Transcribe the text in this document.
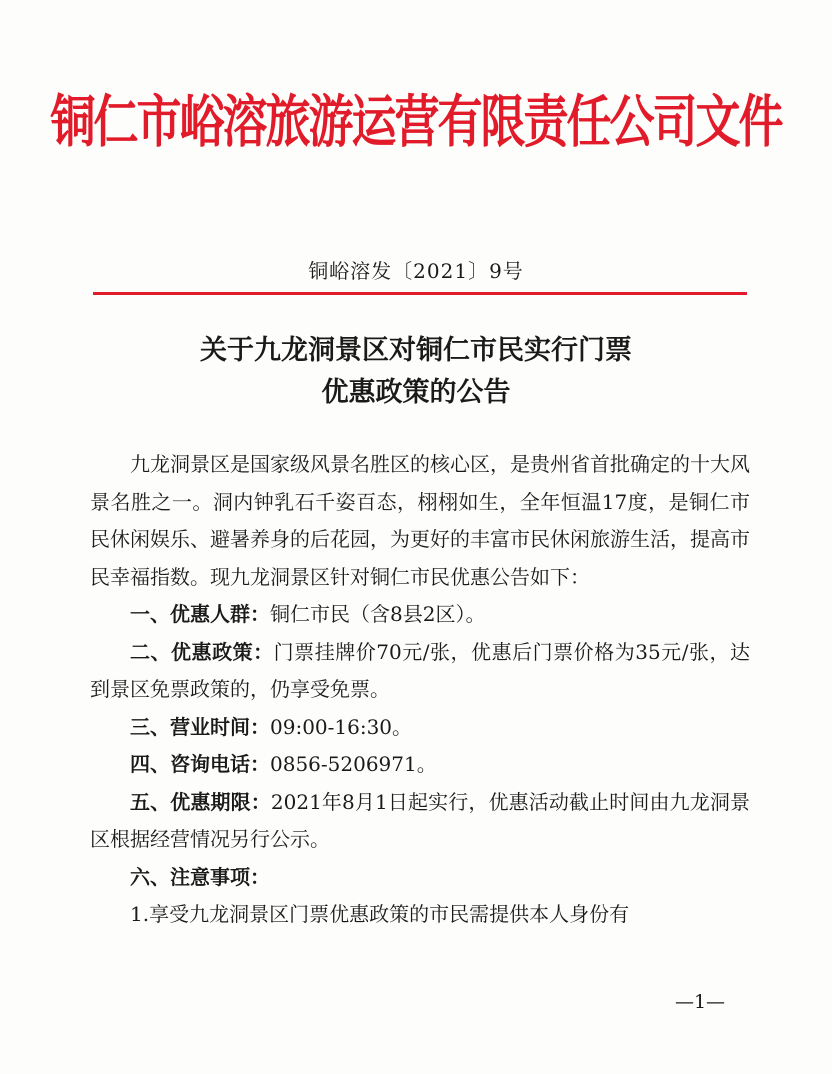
铜仁市峪溶旅游运营有限责任公司文件
铜峪溶发〔2021〕9号
关于九龙洞景区对铜仁市民实行门票
优惠政策的公告

九龙洞景区是国家级风景名胜区的核心区，是贵州省首批确定的十大风景名胜之一。洞内钟乳石千姿百态，栩栩如生，全年恒温17度，是铜仁市民休闲娱乐、避暑养身的后花园，为更好的丰富市民休闲旅游生活，提高市民幸福指数。现九龙洞景区针对铜仁市民优惠公告如下：

一、优惠人群：铜仁市民（含8县2区）。

二、优惠政策：门票挂牌价70元/张，优惠后门票价格为35元/张，达到景区免票政策的，仍享受免票。

三、营业时间：09:00-16:30。

四、咨询电话：0856-5206971。

五、优惠期限：2021年8月1日起实行，优惠活动截止时间由九龙洞景区根据经营情况另行公示。

六、注意事项：

1.享受九龙洞景区门票优惠政策的市民需提供本人身份有

—1—
